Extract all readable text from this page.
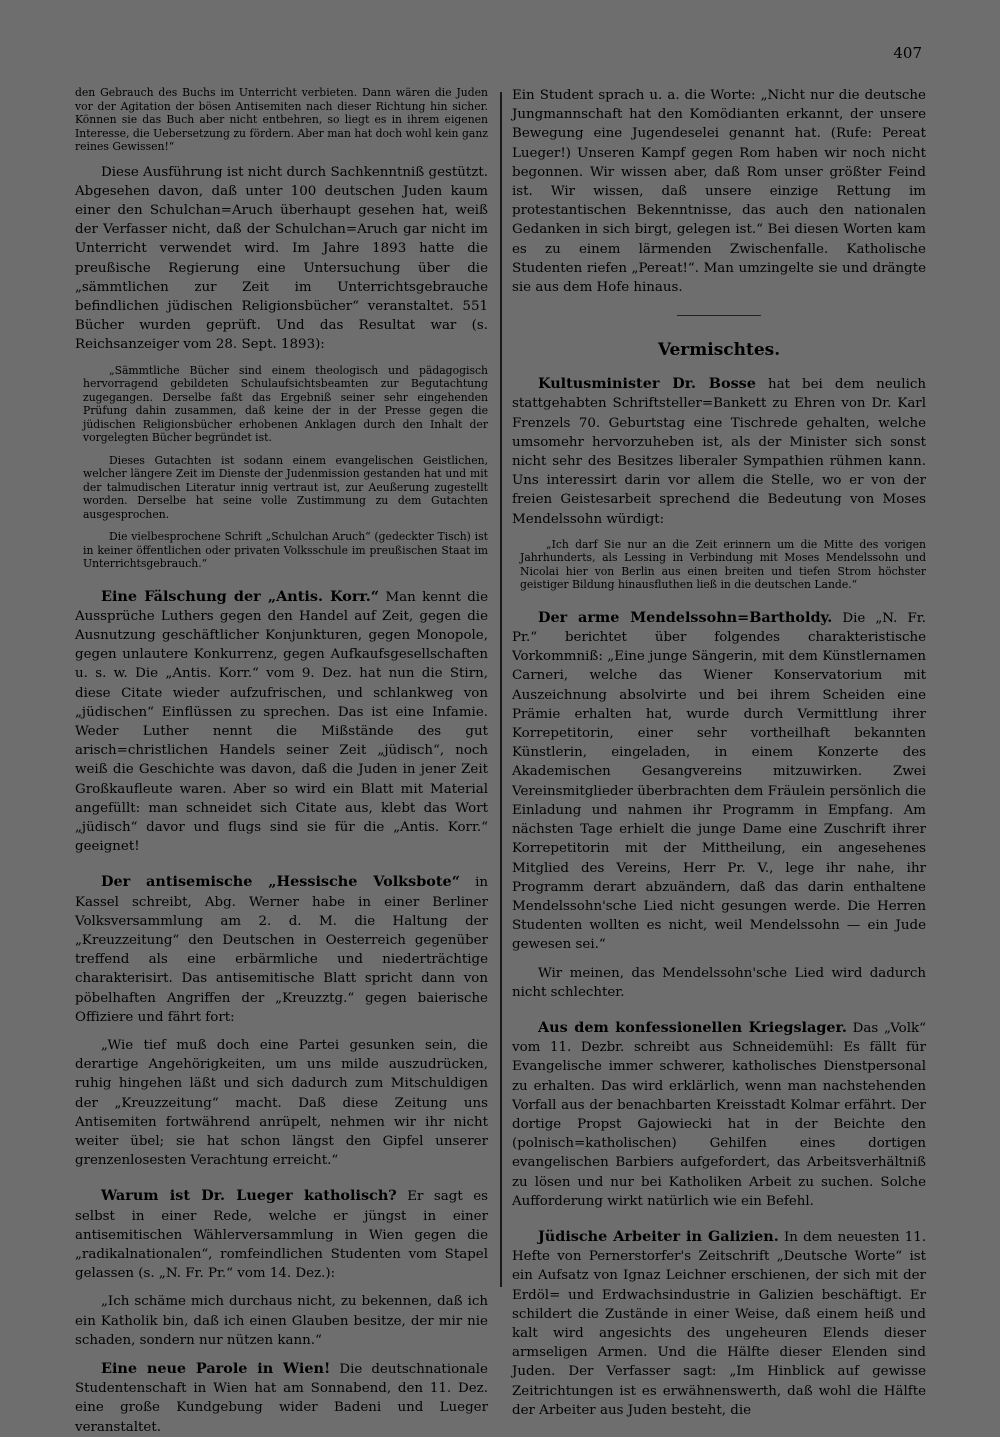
407

den Gebrauch des Buchs im Unterricht verbieten. Dann wären die Juden vor der Agitation der bösen Antisemiten nach dieser Richtung hin sicher. Können sie das Buch aber nicht entbehren, so liegt es in ihrem eigenen Interesse, die Uebersetzung zu fördern. Aber man hat doch wohl kein ganz reines Gewissen!“

Diese Ausführung ist nicht durch Sachkenntniß gestützt. Abgesehen davon, daß unter 100 deutschen Juden kaum einer den Schulchan=Aruch überhaupt gesehen hat, weiß der Verfasser nicht, daß der Schulchan=Aruch gar nicht im Unterricht verwendet wird. Im Jahre 1893 hatte die preußische Regierung eine Untersuchung über die „sämmtlichen zur Zeit im Unterrichtsgebrauche befindlichen jüdischen Religionsbücher“ veranstaltet. 551 Bücher wurden geprüft. Und das Resultat war (s. Reichsanzeiger vom 28. Sept. 1893):

„Sämmtliche Bücher sind einem theologisch und pädagogisch hervorragend gebildeten Schulaufsichtsbeamten zur Begutachtung zugegangen. Derselbe faßt das Ergebniß seiner sehr eingehenden Prüfung dahin zusammen, daß keine der in der Presse gegen die jüdischen Religionsbücher erhobenen Anklagen durch den Inhalt der vorgelegten Bücher begründet ist.

Dieses Gutachten ist sodann einem evangelischen Geistlichen, welcher längere Zeit im Dienste der Judenmission gestanden hat und mit der talmudischen Literatur innig vertraut ist, zur Aeußerung zugestellt worden. Derselbe hat seine volle Zustimmung zu dem Gutachten ausgesprochen.

Die vielbesprochene Schrift „Schulchan Aruch“ (gedeckter Tisch) ist in keiner öffentlichen oder privaten Volksschule im preußischen Staat im Unterrichtsgebrauch.“

Eine Fälschung der „Antis. Korr.“ Man kennt die Aussprüche Luthers gegen den Handel auf Zeit, gegen die Ausnutzung geschäftlicher Konjunkturen, gegen Monopole, gegen unlautere Konkurrenz, gegen Aufkaufsgesellschaften u. s. w. Die „Antis. Korr.“ vom 9. Dez. hat nun die Stirn, diese Citate wieder aufzufrischen, und schlankweg von „jüdischen“ Einflüssen zu sprechen. Das ist eine Infamie. Weder Luther nennt die Mißstände des gut arisch=christlichen Handels seiner Zeit „jüdisch“, noch weiß die Geschichte was davon, daß die Juden in jener Zeit Großkaufleute waren. Aber so wird ein Blatt mit Material angefüllt: man schneidet sich Citate aus, klebt das Wort „jüdisch“ davor und flugs sind sie für die „Antis. Korr.“ geeignet!

Der antisemische „Hessische Volksbote“ in Kassel schreibt, Abg. Werner habe in einer Berliner Volksversammlung am 2. d. M. die Haltung der „Kreuzzeitung“ den Deutschen in Oesterreich gegenüber treffend als eine erbärmliche und niederträchtige charakterisirt. Das antisemitische Blatt spricht dann von pöbelhaften Angriffen der „Kreuzztg.“ gegen baierische Offiziere und fährt fort:

„Wie tief muß doch eine Partei gesunken sein, die derartige Angehörigkeiten, um uns milde auszudrücken, ruhig hingehen läßt und sich dadurch zum Mitschuldigen der „Kreuzzeitung“ macht. Daß diese Zeitung uns Antisemiten fortwährend anrüpelt, nehmen wir ihr nicht weiter übel; sie hat schon längst den Gipfel unserer grenzenlosesten Verachtung erreicht.“

Warum ist Dr. Lueger katholisch? Er sagt es selbst in einer Rede, welche er jüngst in einer antisemitischen Wählerversammlung in Wien gegen die „radikalnationalen“, romfeindlichen Studenten vom Stapel gelassen (s. „N. Fr. Pr.“ vom 14. Dez.):

„Ich schäme mich durchaus nicht, zu bekennen, daß ich ein Katholik bin, daß ich einen Glauben besitze, der mir nie schaden, sondern nur nützen kann.“

Eine neue Parole in Wien! Die deutschnationale Studentenschaft in Wien hat am Sonnabend, den 11. Dez. eine große Kundgebung wider Badeni und Lueger veranstaltet.

Ein Student sprach u. a. die Worte: „Nicht nur die deutsche Jungmannschaft hat den Komödianten erkannt, der unsere Bewegung eine Jugendeselei genannt hat. (Rufe: Pereat Lueger!) Unseren Kampf gegen Rom haben wir noch nicht begonnen. Wir wissen aber, daß Rom unser größter Feind ist. Wir wissen, daß unsere einzige Rettung im protestantischen Bekenntnisse, das auch den nationalen Gedanken in sich birgt, gelegen ist.“ Bei diesen Worten kam es zu einem lärmenden Zwischenfalle. Katholische Studenten riefen „Pereat!“. Man umzingelte sie und drängte sie aus dem Hofe hinaus.

Vermischtes.

Kultusminister Dr. Bosse hat bei dem neulich stattgehabten Schriftsteller=Bankett zu Ehren von Dr. Karl Frenzels 70. Geburtstag eine Tischrede gehalten, welche umsomehr hervorzuheben ist, als der Minister sich sonst nicht sehr des Besitzes liberaler Sympathien rühmen kann. Uns interessirt darin vor allem die Stelle, wo er von der freien Geistesarbeit sprechend die Bedeutung von Moses Mendelssohn würdigt:

„Ich darf Sie nur an die Zeit erinnern um die Mitte des vorigen Jahrhunderts, als Lessing in Verbindung mit Moses Mendelssohn und Nicolai hier von Berlin aus einen breiten und tiefen Strom höchster geistiger Bildung hinausfluthen ließ in die deutschen Lande.“

Der arme Mendelssohn=Bartholdy. Die „N. Fr. Pr.“ berichtet über folgendes charakteristische Vorkommniß: „Eine junge Sängerin, mit dem Künstlernamen Carneri, welche das Wiener Konservatorium mit Auszeichnung absolvirte und bei ihrem Scheiden eine Prämie erhalten hat, wurde durch Vermittlung ihrer Korrepetitorin, einer sehr vortheilhaft bekannten Künstlerin, eingeladen, in einem Konzerte des Akademischen Gesangvereins mitzuwirken. Zwei Vereinsmitglieder überbrachten dem Fräulein persönlich die Einladung und nahmen ihr Programm in Empfang. Am nächsten Tage erhielt die junge Dame eine Zuschrift ihrer Korrepetitorin mit der Mittheilung, ein angesehenes Mitglied des Vereins, Herr Pr. V., lege ihr nahe, ihr Programm derart abzuändern, daß das darin enthaltene Mendelssohn'sche Lied nicht gesungen werde. Die Herren Studenten wollten es nicht, weil Mendelssohn — ein Jude gewesen sei.“

Wir meinen, das Mendelssohn'sche Lied wird dadurch nicht schlechter.

Aus dem konfessionellen Kriegslager. Das „Volk“ vom 11. Dezbr. schreibt aus Schneidemühl: Es fällt für Evangelische immer schwerer, katholisches Dienstpersonal zu erhalten. Das wird erklärlich, wenn man nachstehenden Vorfall aus der benachbarten Kreisstadt Kolmar erfährt. Der dortige Propst Gajowiecki hat in der Beichte den (polnisch=katholischen) Gehilfen eines dortigen evangelischen Barbiers aufgefordert, das Arbeitsverhältniß zu lösen und nur bei Katholiken Arbeit zu suchen. Solche Aufforderung wirkt natürlich wie ein Befehl.

Jüdische Arbeiter in Galizien. In dem neuesten 11. Hefte von Pernerstorfer's Zeitschrift „Deutsche Worte“ ist ein Aufsatz von Ignaz Leichner erschienen, der sich mit der Erdöl= und Erdwachsindustrie in Galizien beschäftigt. Er schildert die Zustände in einer Weise, daß einem heiß und kalt wird angesichts des ungeheuren Elends dieser armseligen Armen. Und die Hälfte dieser Elenden sind Juden. Der Verfasser sagt: „Im Hinblick auf gewisse Zeitrichtungen ist es erwähnenswerth, daß wohl die Hälfte der Arbeiter aus Juden besteht, die
